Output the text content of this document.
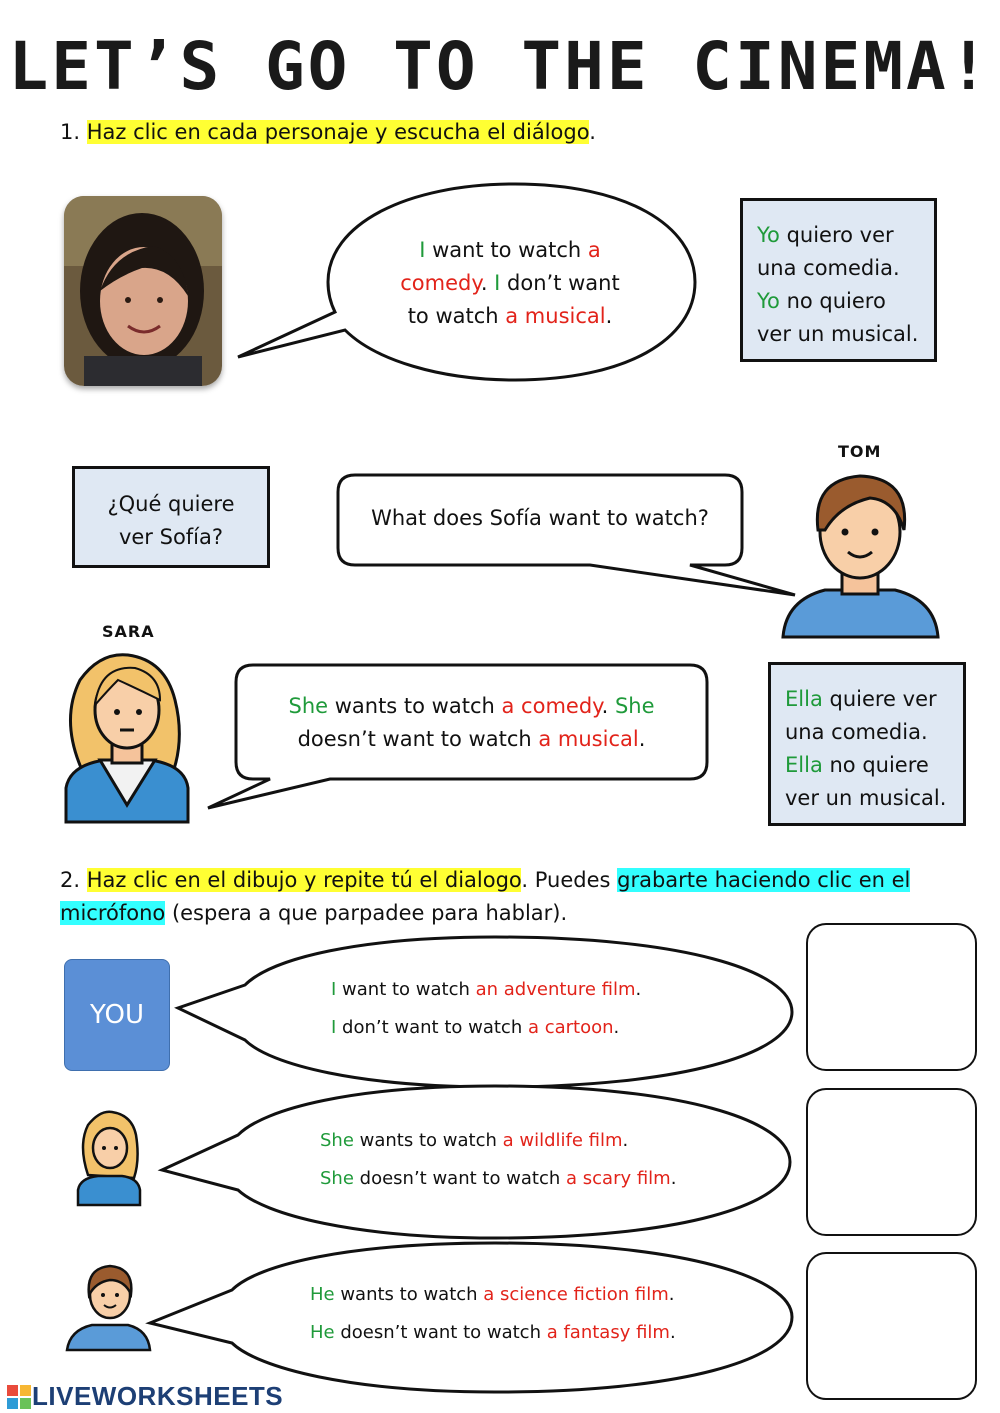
LET’S GO TO THE CINEMA!
1. Haz clic en cada personaje y escucha el diálogo.
I want to watch a
comedy. I don’t want
to watch a musical.
Yo quiero ver
una comedia.
Yo no quiero
ver un musical.
¿Qué quiere
ver Sofía?
TOM
What does Sofía want to watch?
SARA
She wants to watch a comedy. She
doesn’t want to watch a musical.
Ella quiere ver
una comedia.
Ella no quiere
ver un musical.
2. Haz clic en el dibujo y repite tú el dialogo. Puedes grabarte haciendo clic en el
micrófono (espera a que parpadee para hablar).
YOU
I want to watch an adventure film.
I don’t want to watch a cartoon.
She wants to watch a wildlife film.
She doesn’t want to watch a scary film.
He wants to watch a science fiction film.
He doesn’t want to watch a fantasy film.
LIVEWORKSHEETS
